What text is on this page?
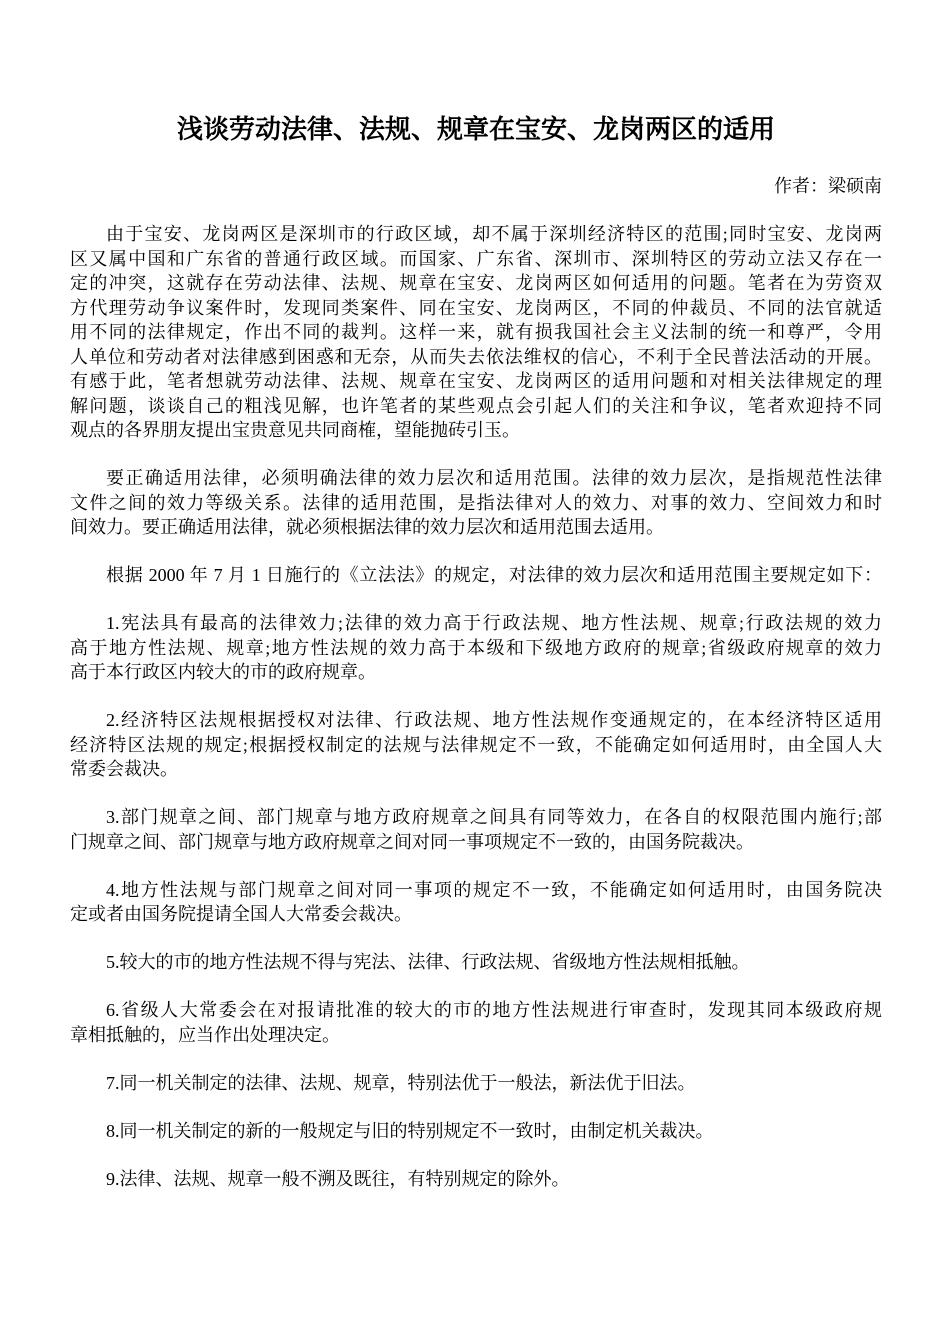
浅谈劳动法律、法规、规章在宝安、龙岗两区的适用
作者：梁硕南

由于宝安、龙岗两区是深圳市的行政区域，却不属于深圳经济特区的范围;同时宝安、龙岗两
区又属中国和广东省的普通行政区域。而国家、广东省、深圳市、深圳特区的劳动立法又存在一
定的冲突，这就存在劳动法律、法规、规章在宝安、龙岗两区如何适用的问题。笔者在为劳资双
方代理劳动争议案件时，发现同类案件、同在宝安、龙岗两区，不同的仲裁员、不同的法官就适
用不同的法律规定，作出不同的裁判。这样一来，就有损我国社会主义法制的统一和尊严，令用
人单位和劳动者对法律感到困惑和无奈，从而失去依法维权的信心，不利于全民普法活动的开展。
有感于此，笔者想就劳动法律、法规、规章在宝安、龙岗两区的适用问题和对相关法律规定的理
解问题，谈谈自己的粗浅见解，也许笔者的某些观点会引起人们的关注和争议，笔者欢迎持不同
观点的各界朋友提出宝贵意见共同商榷，望能抛砖引玉。

要正确适用法律，必须明确法律的效力层次和适用范围。法律的效力层次，是指规范性法律
文件之间的效力等级关系。法律的适用范围，是指法律对人的效力、对事的效力、空间效力和时
间效力。要正确适用法律，就必须根据法律的效力层次和适用范围去适用。

根据 2000 年 7 月 1 日施行的《立法法》的规定，对法律的效力层次和适用范围主要规定如下：

1.宪法具有最高的法律效力;法律的效力高于行政法规、地方性法规、规章;行政法规的效力
高于地方性法规、规章;地方性法规的效力高于本级和下级地方政府的规章;省级政府规章的效力
高于本行政区内较大的市的政府规章。

2.经济特区法规根据授权对法律、行政法规、地方性法规作变通规定的，在本经济特区适用
经济特区法规的规定;根据授权制定的法规与法律规定不一致，不能确定如何适用时，由全国人大
常委会裁决。

3.部门规章之间、部门规章与地方政府规章之间具有同等效力，在各自的权限范围内施行;部
门规章之间、部门规章与地方政府规章之间对同一事项规定不一致的，由国务院裁决。

4.地方性法规与部门规章之间对同一事项的规定不一致，不能确定如何适用时，由国务院决
定或者由国务院提请全国人大常委会裁决。

5.较大的市的地方性法规不得与宪法、法律、行政法规、省级地方性法规相抵触。

6.省级人大常委会在对报请批准的较大的市的地方性法规进行审查时，发现其同本级政府规
章相抵触的，应当作出处理决定。

7.同一机关制定的法律、法规、规章，特别法优于一般法，新法优于旧法。

8.同一机关制定的新的一般规定与旧的特别规定不一致时，由制定机关裁决。

9.法律、法规、规章一般不溯及既往，有特别规定的除外。
